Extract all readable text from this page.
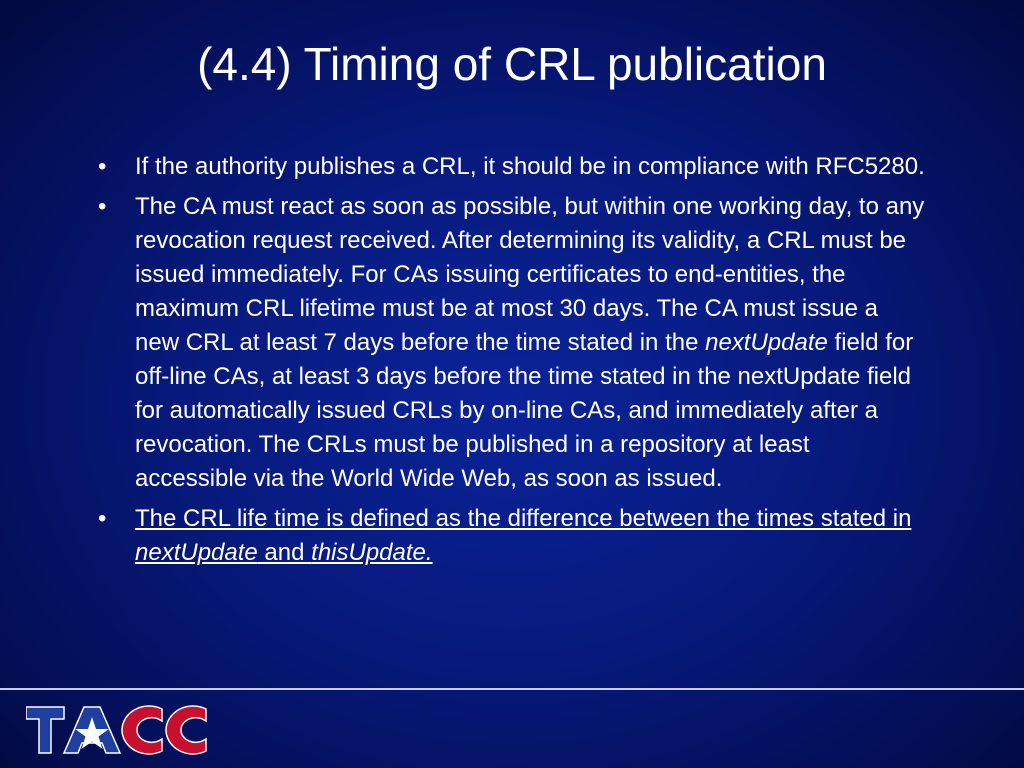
(4.4) Timing of CRL publication
• If the authority publishes a CRL, it should be in compliance with RFC5280.
• The CA must react as soon as possible, but within one working day, to any revocation request received. After determining its validity, a CRL must be issued immediately. For CAs issuing certificates to end-entities, the maximum CRL lifetime must be at most 30 days. The CA must issue a new CRL at least 7 days before the time stated in the nextUpdate field for off-line CAs, at least 3 days before the time stated in the nextUpdate field for automatically issued CRLs by on-line CAs, and immediately after a revocation. The CRLs must be published in a repository at least accessible via the World Wide Web, as soon as issued.
• The CRL life time is defined as the difference between the times stated in nextUpdate and thisUpdate.
